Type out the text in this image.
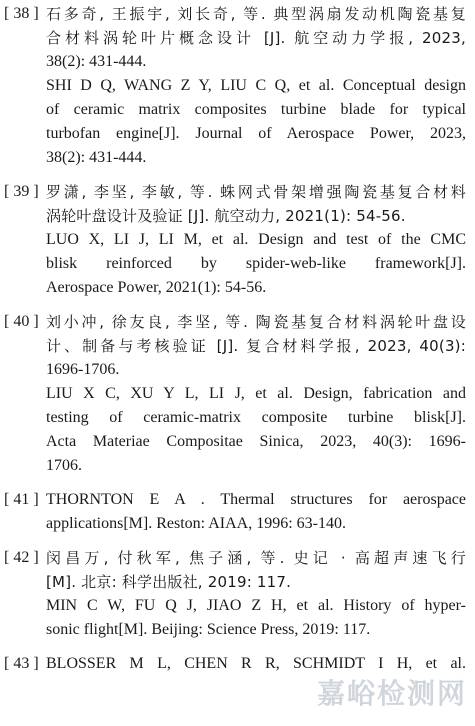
[ 38 ] 石多奇, 王振宇, 刘长奇, 等. 典型涡扇发动机陶瓷基复
合材料涡轮叶片概念设计 [J]. 航空动力学报, 2023,
38(2): 431-444.
SHI D Q, WANG Z Y, LIU C Q, et al. Conceptual design
of ceramic matrix composites turbine blade for typical
turbofan engine[J]. Journal of Aerospace Power, 2023,
38(2): 431-444.
[ 39 ] 罗潇, 李坚, 李敏, 等. 蛛网式骨架增强陶瓷基复合材料
涡轮叶盘设计及验证 [J]. 航空动力, 2021(1): 54-56.
LUO X, LI J, LI M, et al. Design and test of the CMC
blisk reinforced by spider-web-like framework[J].
Aerospace Power, 2021(1): 54-56.
[ 40 ] 刘小冲, 徐友良, 李坚, 等. 陶瓷基复合材料涡轮叶盘设
计、制备与考核验证 [J]. 复合材料学报, 2023, 40(3):
1696-1706.
LIU X C, XU Y L, LI J, et al. Design, fabrication and
testing of ceramic-matrix composite turbine blisk[J].
Acta Materiae Compositae Sinica, 2023, 40(3): 1696-
1706.
[ 41 ] THORNTON E A . Thermal structures for aerospace
applications[M]. Reston: AIAA, 1996: 63-140.
[ 42 ] 闵昌万, 付秋军, 焦子涵, 等. 史记 · 高超声速飞行
[M]. 北京: 科学出版社, 2019: 117.
MIN C W, FU Q J, JIAO Z H, et al. History of hyper-
sonic flight[M]. Beijing: Science Press, 2019: 117.
[ 43 ] BLOSSER M L, CHEN R R, SCHMIDT I H, et al.
嘉峪检测网
